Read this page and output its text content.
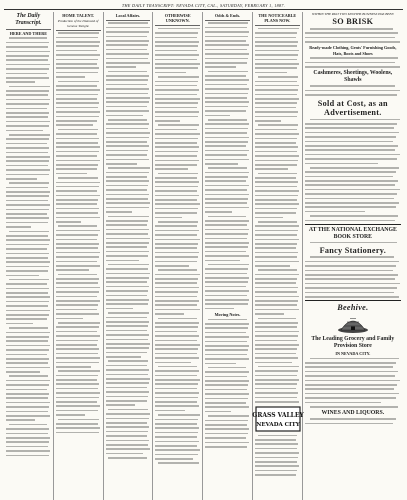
THE DAILY TRANSCRIPT: NEVADA CITY, CAL., SATURDAY, FEBRUARY 1, 1887.
The Daily Transcript.
HERE AND THERE
HOME TALENT.
Production of the Diamond of Geneva Tonight.
Local Affairs.	OTHERWISE UNKNOWN.
Odds & Ends.
Moving Notes.
THE NOTICEABLE PLANS NOW.
GRASS VALLEY
NEVADA CITY
WITHIN THE PAST TWO MONTHS BUSINESS HAS BEEN
SO BRISK
Ready-made Clothing, Gents' Furnishing Goods, Hats, Boots and Shoes
Cashmeres, Sheetings, Woolens, Shawls
Sold at Cost, as an Advertisement.
AT THE NATIONAL EXCHANGE BOOK STORE
Fancy Stationery.
Beehive.
The Leading Grocery and Family Provision Store
IN NEVADA CITY.
WINES AND LIQUORS.
